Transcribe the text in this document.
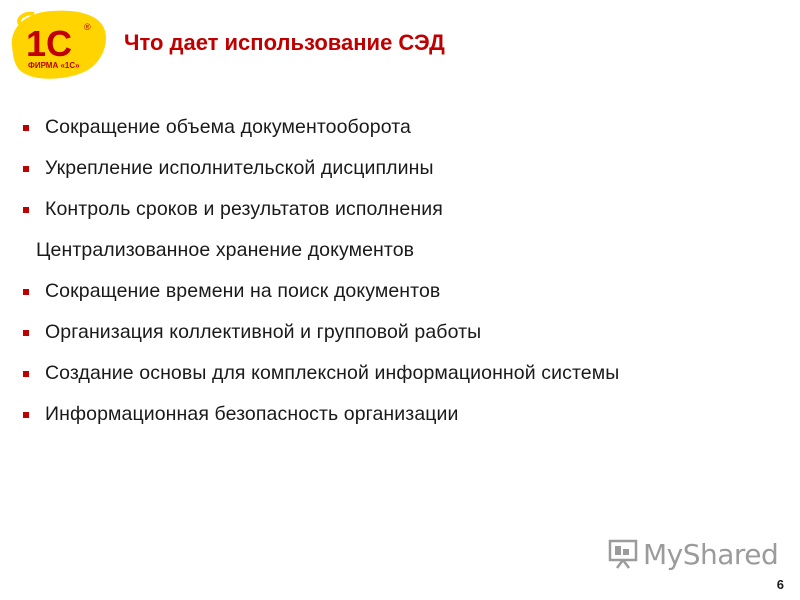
1С ®
ФИРМА «1С»
Что дает использование СЭД
Сокращение объема документооборота
Укрепление исполнительской дисциплины
Контроль сроков и результатов исполнения
Централизованное хранение документов
Сокращение времени на поиск документов
Организация коллективной и групповой работы
Создание основы для комплексной информационной системы
Информационная безопасность организации
MyShared
6
